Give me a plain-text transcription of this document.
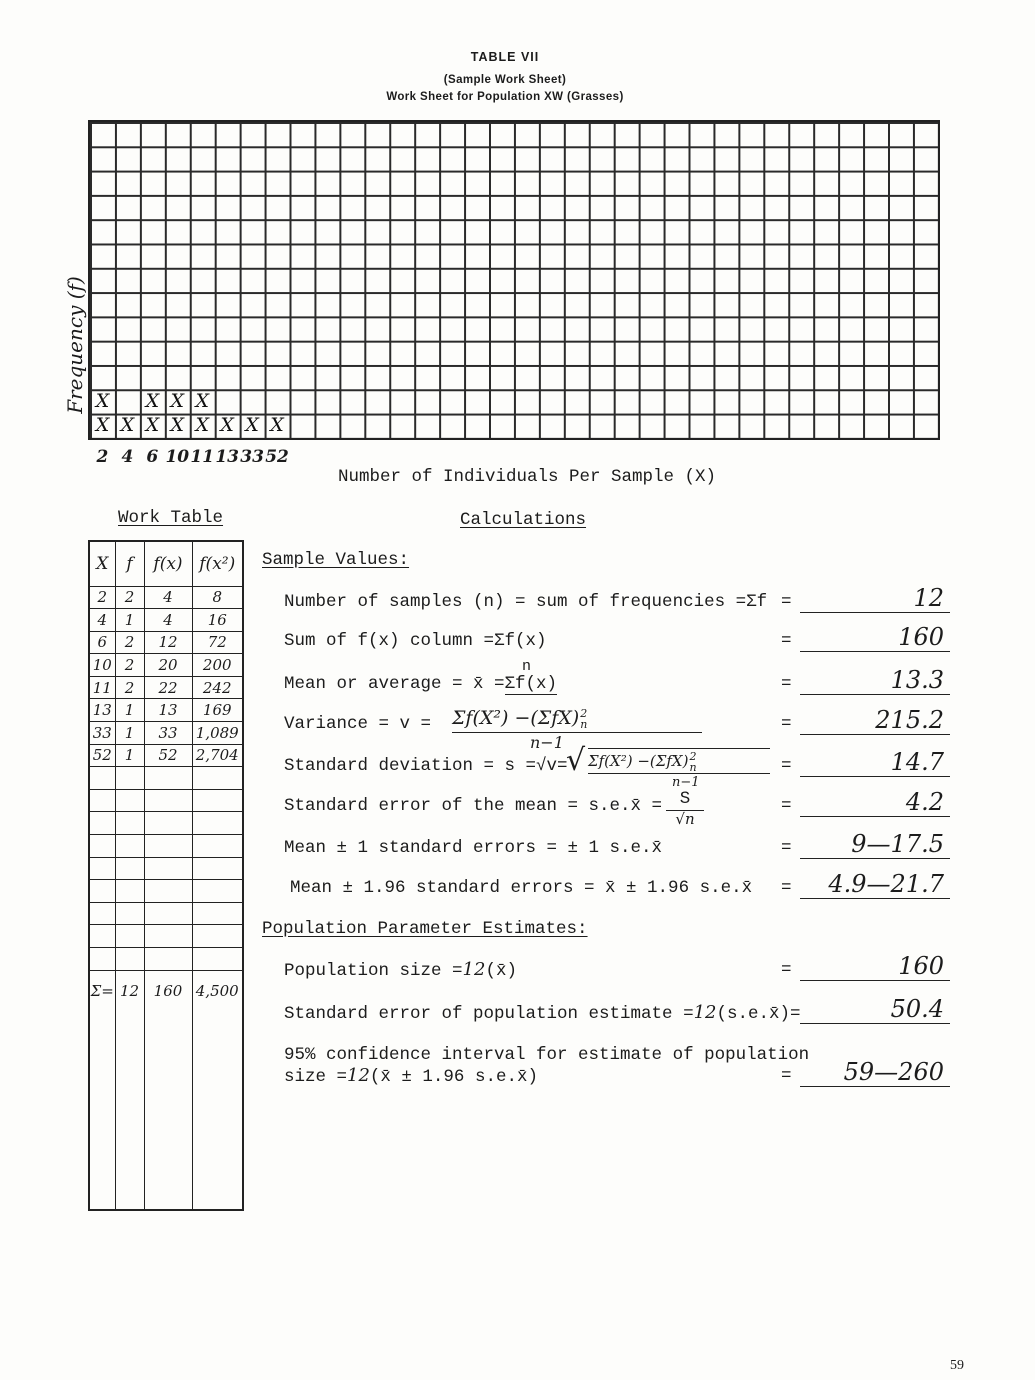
TABLE VII
(Sample Work Sheet)
Work Sheet for Population XW (Grasses)
X
X
X X
X
X
X
X
X
X X X
Frequency (f)
2 4 6 10 11 13 33 52
Number of Individuals Per Sample (X)
Work Table	Calculations
X	f	f(x)	f(x²)
2	2	4	8
4	1	4	16
6	2	12	72
10	2	20	200
11	2	22	242
13	1	13	169
33	1	33	1,089
52	1	52	2,704

Σ=	12	160	4,500
Sample Values:
Number of samples (n) = sum of frequencies =Σf =	12
Sum of f(x) column =Σf(x)	=	160
Mean or average = x̄ =Σf(x)
n
=	13.3
Variance = v = Σf(X²) −(ΣfX) 2
n
n−1
=	215.2
Standard deviation = s =√v=
√ Σf(X²) −(ΣfX) 2
n
n−1
=	14.7
Standard error of the mean = s.e.x̄ =	S
√n
=	4.2
Mean ± 1 standard errors = ± 1 s.e.x̄	=	9—17.5
Mean ± 1.96 standard errors = x̄ ± 1.96 s.e.x̄ =	4.9—21.7
Population Parameter Estimates:
Population size =12(x̄)	=	160
Standard error of population estimate =12(s.e.x̄)=	50.4
95% confidence interval for estimate of population
size =12(x̄ ± 1.96 s.e.x̄)	=	59—260
59
